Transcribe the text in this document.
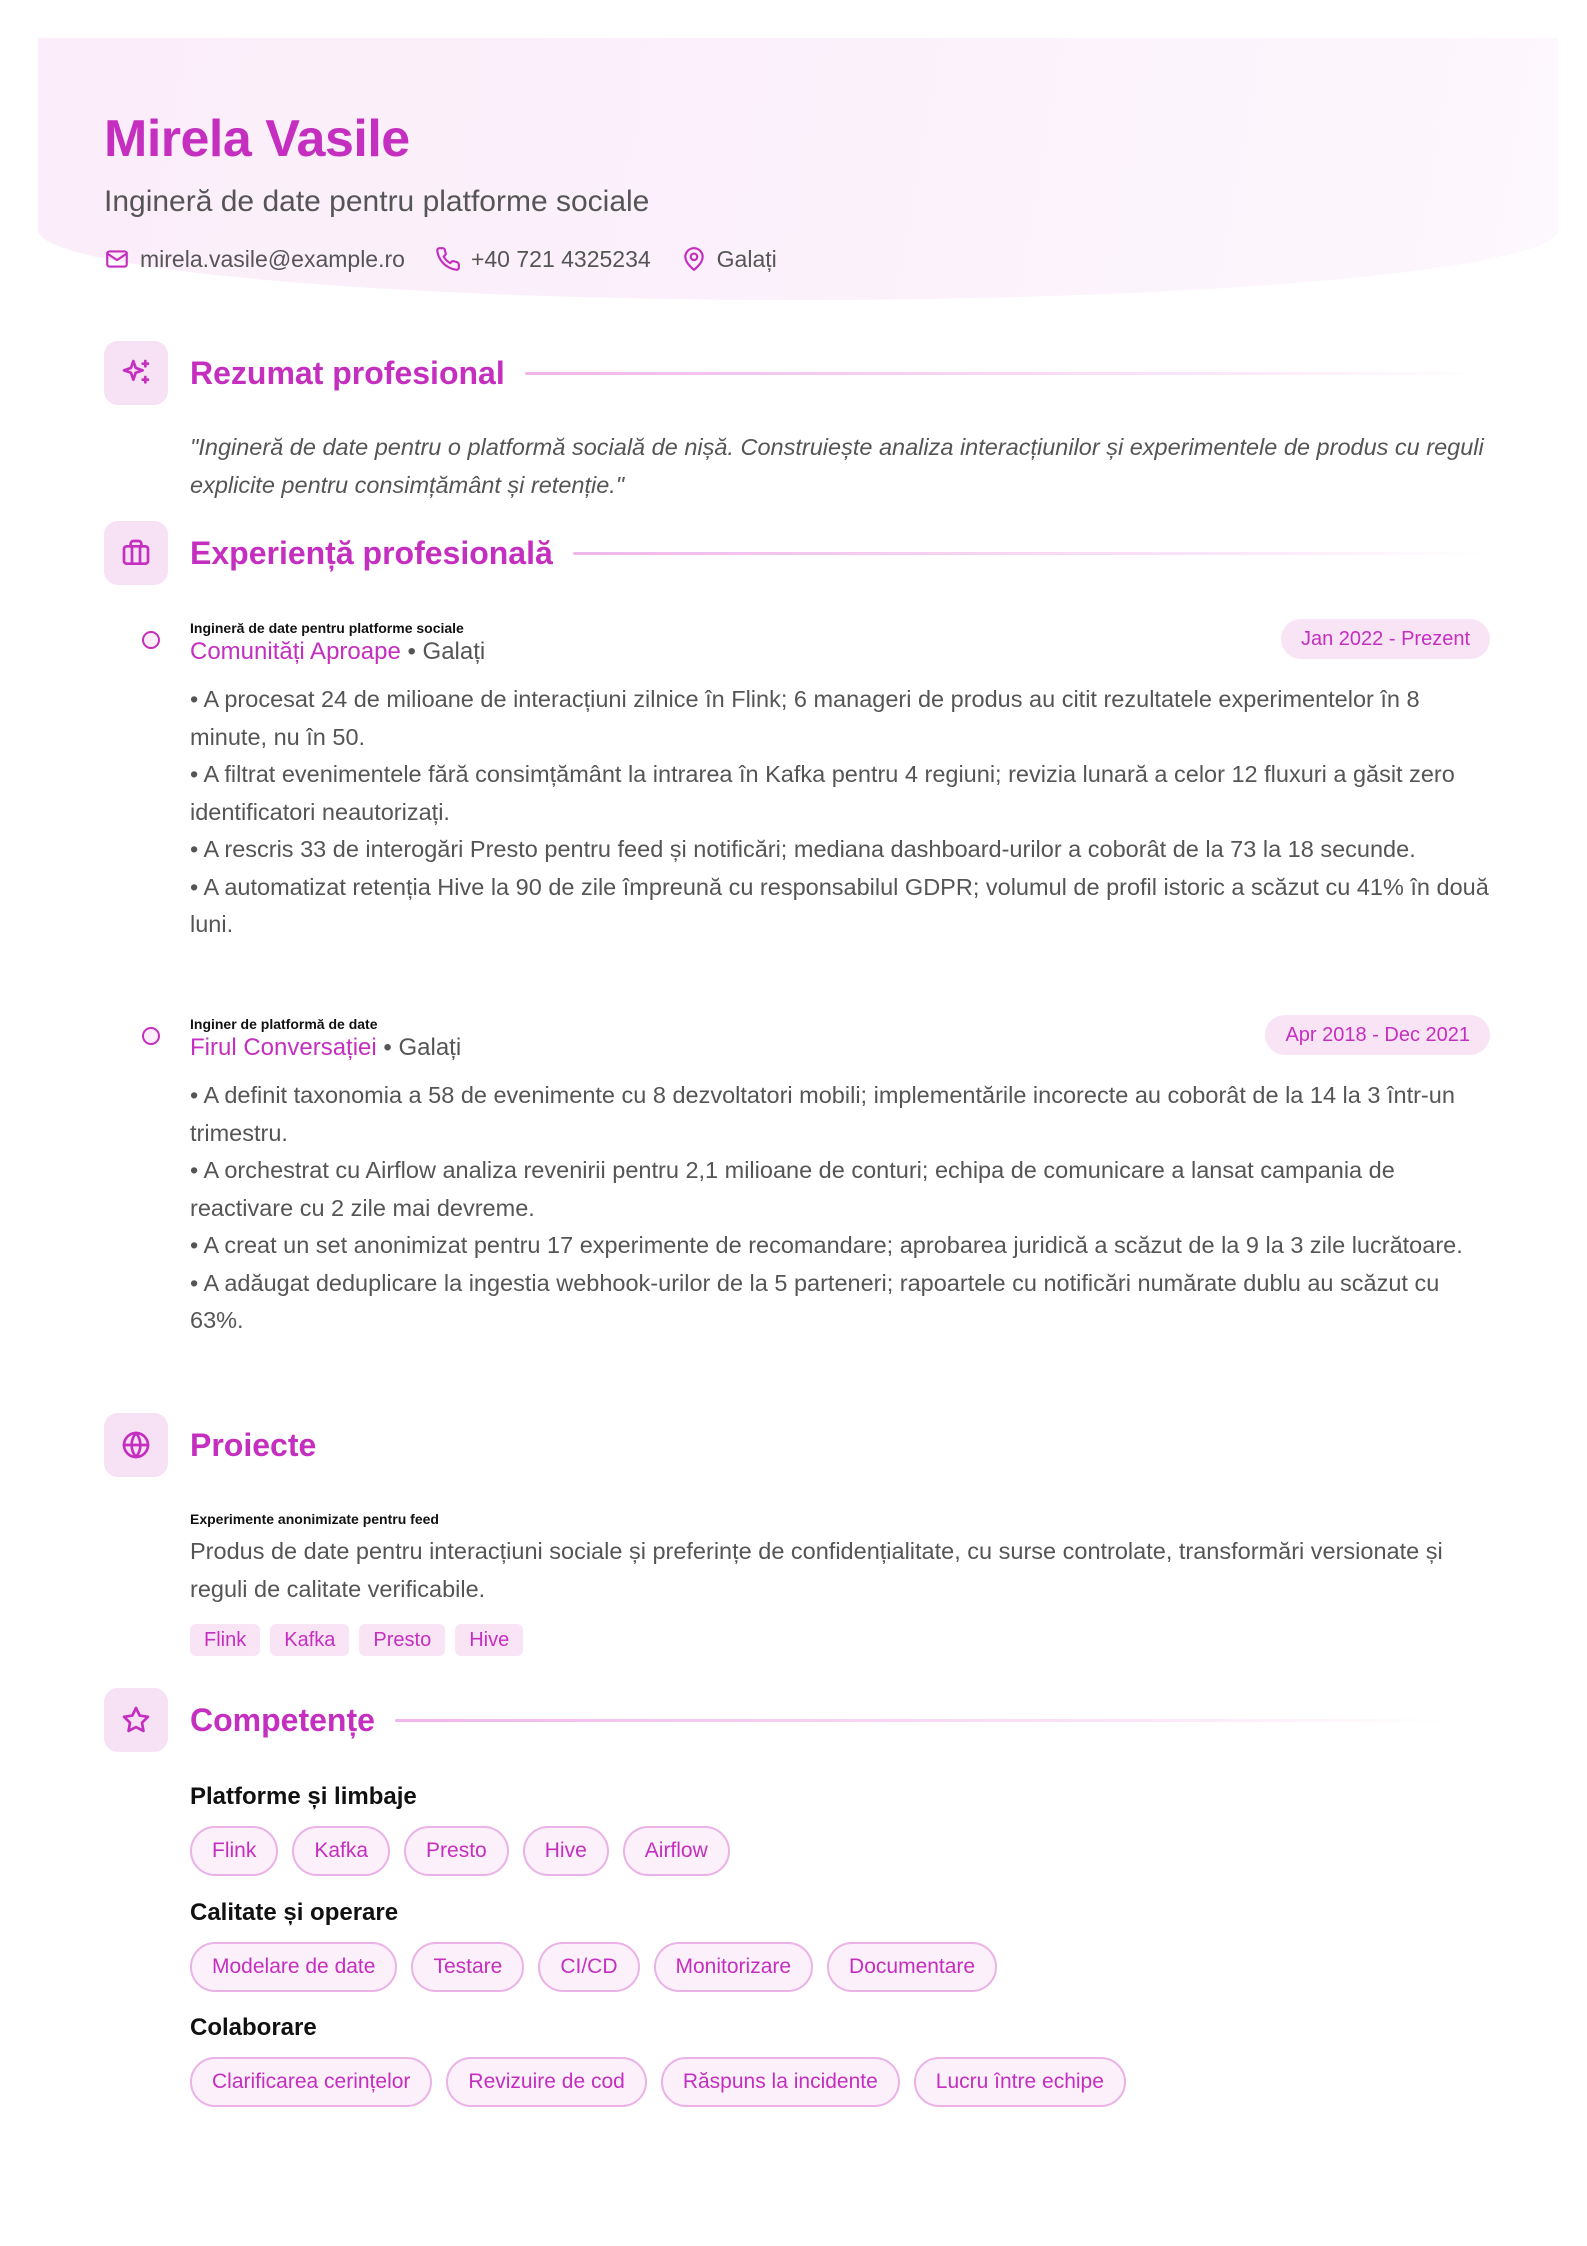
Mirela Vasile
Ingineră de date pentru platforme sociale
mirela.vasile@example.ro	+40 721 4325234	Galați
Rezumat profesional
"Ingineră de date pentru o platformă socială de nișă. Construiește analiza interacțiunilor și experimentele de produs cu reguli explicite pentru consimțământ și retenție."
Experiență profesională
Ingineră de date pentru platforme sociale
Comunități Aproape • Galați	Jan 2022 - Prezent
• A procesat 24 de milioane de interacțiuni zilnice în Flink; 6 manageri de produs au citit rezultatele experimentelor în 8 minute, nu în 50.
• A filtrat evenimentele fără consimțământ la intrarea în Kafka pentru 4 regiuni; revizia lunară a celor 12 fluxuri a găsit zero identificatori neautorizați.
• A rescris 33 de interogări Presto pentru feed și notificări; mediana dashboard-urilor a coborât de la 73 la 18 secunde.
• A automatizat retenția Hive la 90 de zile împreună cu responsabilul GDPR; volumul de profil istoric a scăzut cu 41% în două luni.
Inginer de platformă de date
Firul Conversației • Galați	Apr 2018 - Dec 2021
• A definit taxonomia a 58 de evenimente cu 8 dezvoltatori mobili; implementările incorecte au coborât de la 14 la 3 într-un trimestru.
• A orchestrat cu Airflow analiza revenirii pentru 2,1 milioane de conturi; echipa de comunicare a lansat campania de reactivare cu 2 zile mai devreme.
• A creat un set anonimizat pentru 17 experimente de recomandare; aprobarea juridică a scăzut de la 9 la 3 zile lucrătoare.
• A adăugat deduplicare la ingestia webhook-urilor de la 5 parteneri; rapoartele cu notificări numărate dublu au scăzut cu 63%.
Proiecte
Experimente anonimizate pentru feed
Produs de date pentru interacțiuni sociale și preferințe de confidențialitate, cu surse controlate, transformări versionate și reguli de calitate verificabile.
Flink	Kafka	Presto	Hive
Competențe
Platforme și limbaje
Flink	Kafka	Presto	Hive	Airflow
Calitate și operare
Modelare de date	Testare	CI/CD	Monitorizare	Documentare
Colaborare
Clarificarea cerințelor	Revizuire de cod	Răspuns la incidente	Lucru între echipe
